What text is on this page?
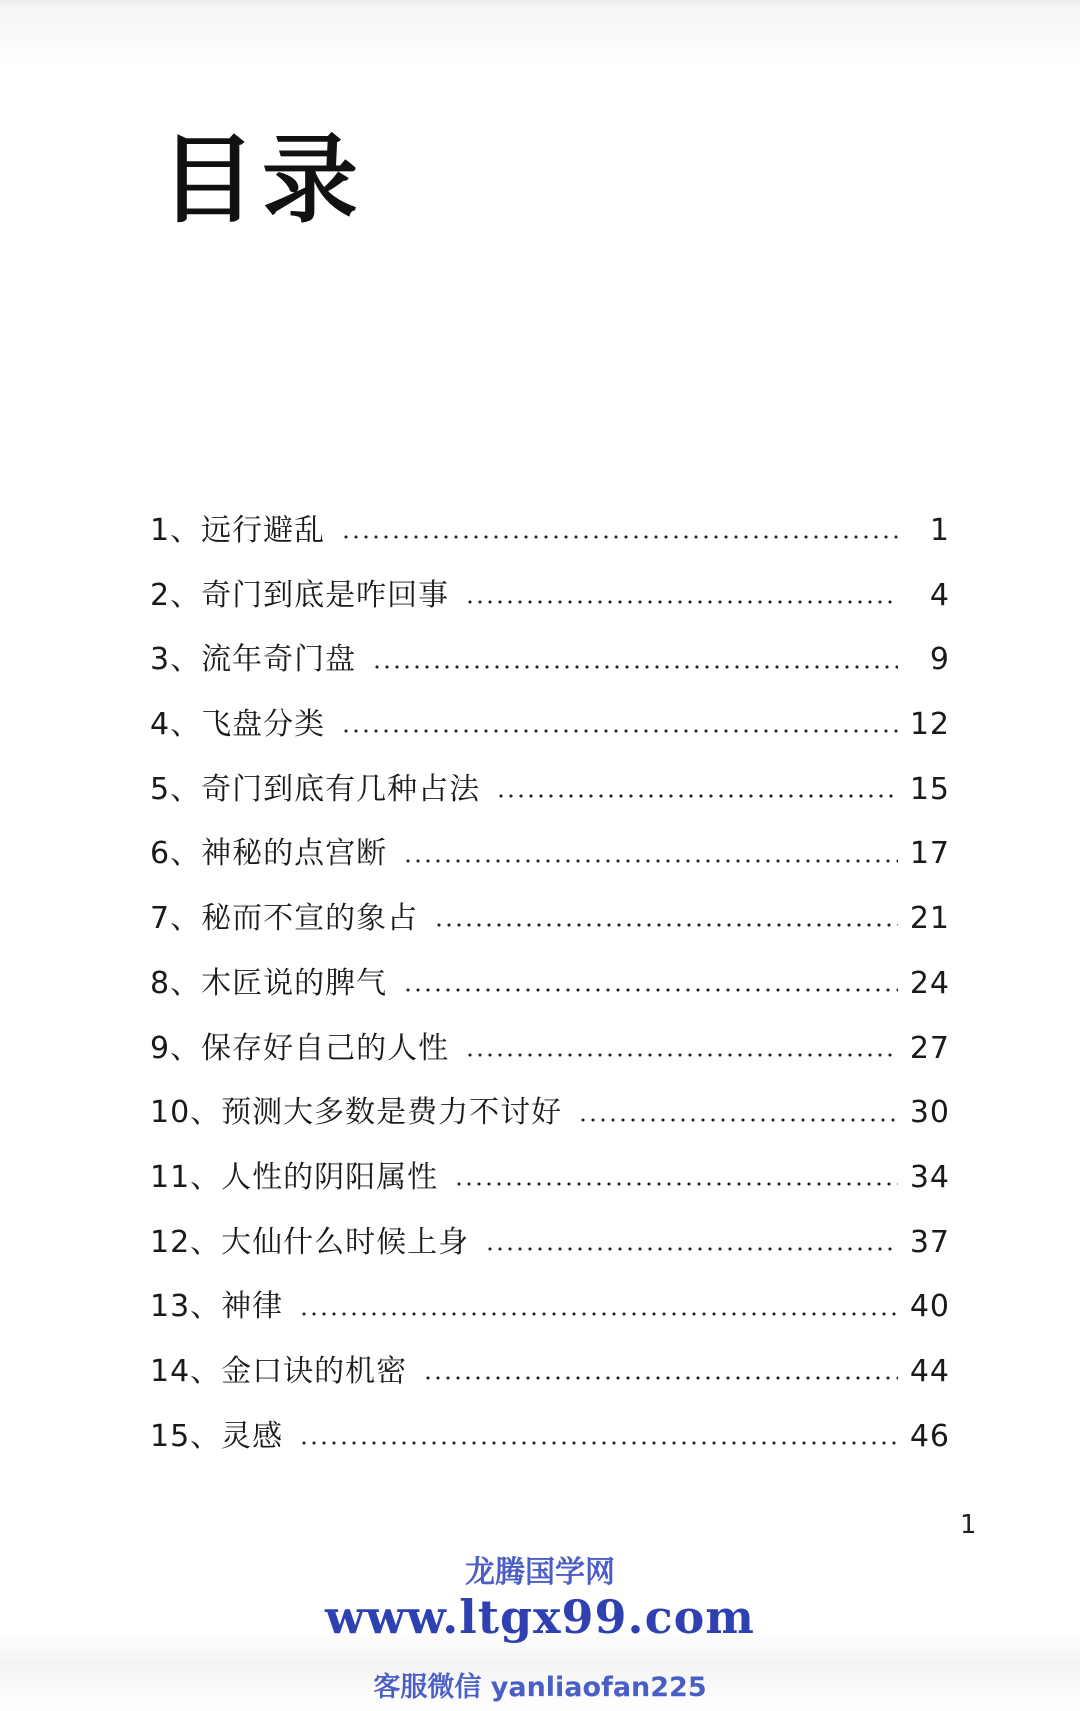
目录
1、远行避乱	1
2、奇门到底是咋回事	4
3、流年奇门盘	9
4、飞盘分类	12
5、奇门到底有几种占法	15
6、神秘的点宫断	17
7、秘而不宣的象占	21
8、木匠说的脾气	24
9、保存好自己的人性	27
10、预测大多数是费力不讨好	30
11、人性的阴阳属性	34
12、大仙什么时候上身	37
13、神律	40
14、金口诀的机密	44
15、灵感	46

1

龙腾国学网

www.ltgx99.com

客服微信 yanliaofan225
